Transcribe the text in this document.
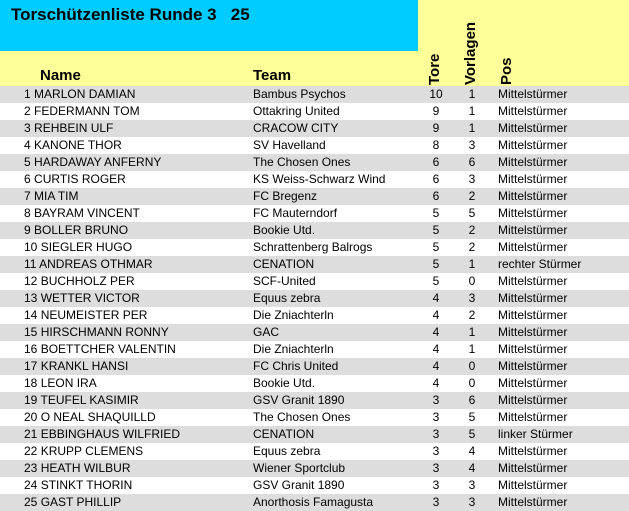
Torschützenliste Runde 3 25
Name	Team	Tore Vorlagen Pos
1 MARLON DAMIAN	Bambus Psychos	10	1	Mittelstürmer
2 FEDERMANN TOM	Ottakring United	9	1	Mittelstürmer
3 REHBEIN ULF	CRACOW CITY	9	1	Mittelstürmer
4 KANONE THOR	SV Havelland	8	3	Mittelstürmer
5 HARDAWAY ANFERNY	The Chosen Ones	6	6	Mittelstürmer
6 CURTIS ROGER	KS Weiss-Schwarz Wind	6	3	Mittelstürmer
7 MIA TIM	FC Bregenz	6	2	Mittelstürmer
8 BAYRAM VINCENT	FC Mauterndorf	5	5	Mittelstürmer
9 BOLLER BRUNO	Bookie Utd.	5	2	Mittelstürmer
10 SIEGLER HUGO	Schrattenberg Balrogs	5	2	Mittelstürmer
11 ANDREAS OTHMAR	CENATION	5	1	rechter Stürmer
12 BUCHHOLZ PER	SCF-United	5	0	Mittelstürmer
13 WETTER VICTOR	Equus zebra	4	3	Mittelstürmer
14 NEUMEISTER PER	Die Zniachterln	4	2	Mittelstürmer
15 HIRSCHMANN RONNY	GAC	4	1	Mittelstürmer
16 BOETTCHER VALENTIN	Die Zniachterln	4	1	Mittelstürmer
17 KRANKL HANSI	FC Chris United	4	0	Mittelstürmer
18 LEON IRA	Bookie Utd.	4	0	Mittelstürmer
19 TEUFEL KASIMIR	GSV Granit 1890	3	6	Mittelstürmer
20 O NEAL SHAQUILLD	The Chosen Ones	3	5	Mittelstürmer
21 EBBINGHAUS WILFRIED	CENATION	3	5	linker Stürmer
22 KRUPP CLEMENS	Equus zebra	3	4	Mittelstürmer
23 HEATH WILBUR	Wiener Sportclub	3	4	Mittelstürmer
24 STINKT THORIN	GSV Granit 1890	3	3	Mittelstürmer
25 GAST PHILLIP	Anorthosis Famagusta	3	3	Mittelstürmer
